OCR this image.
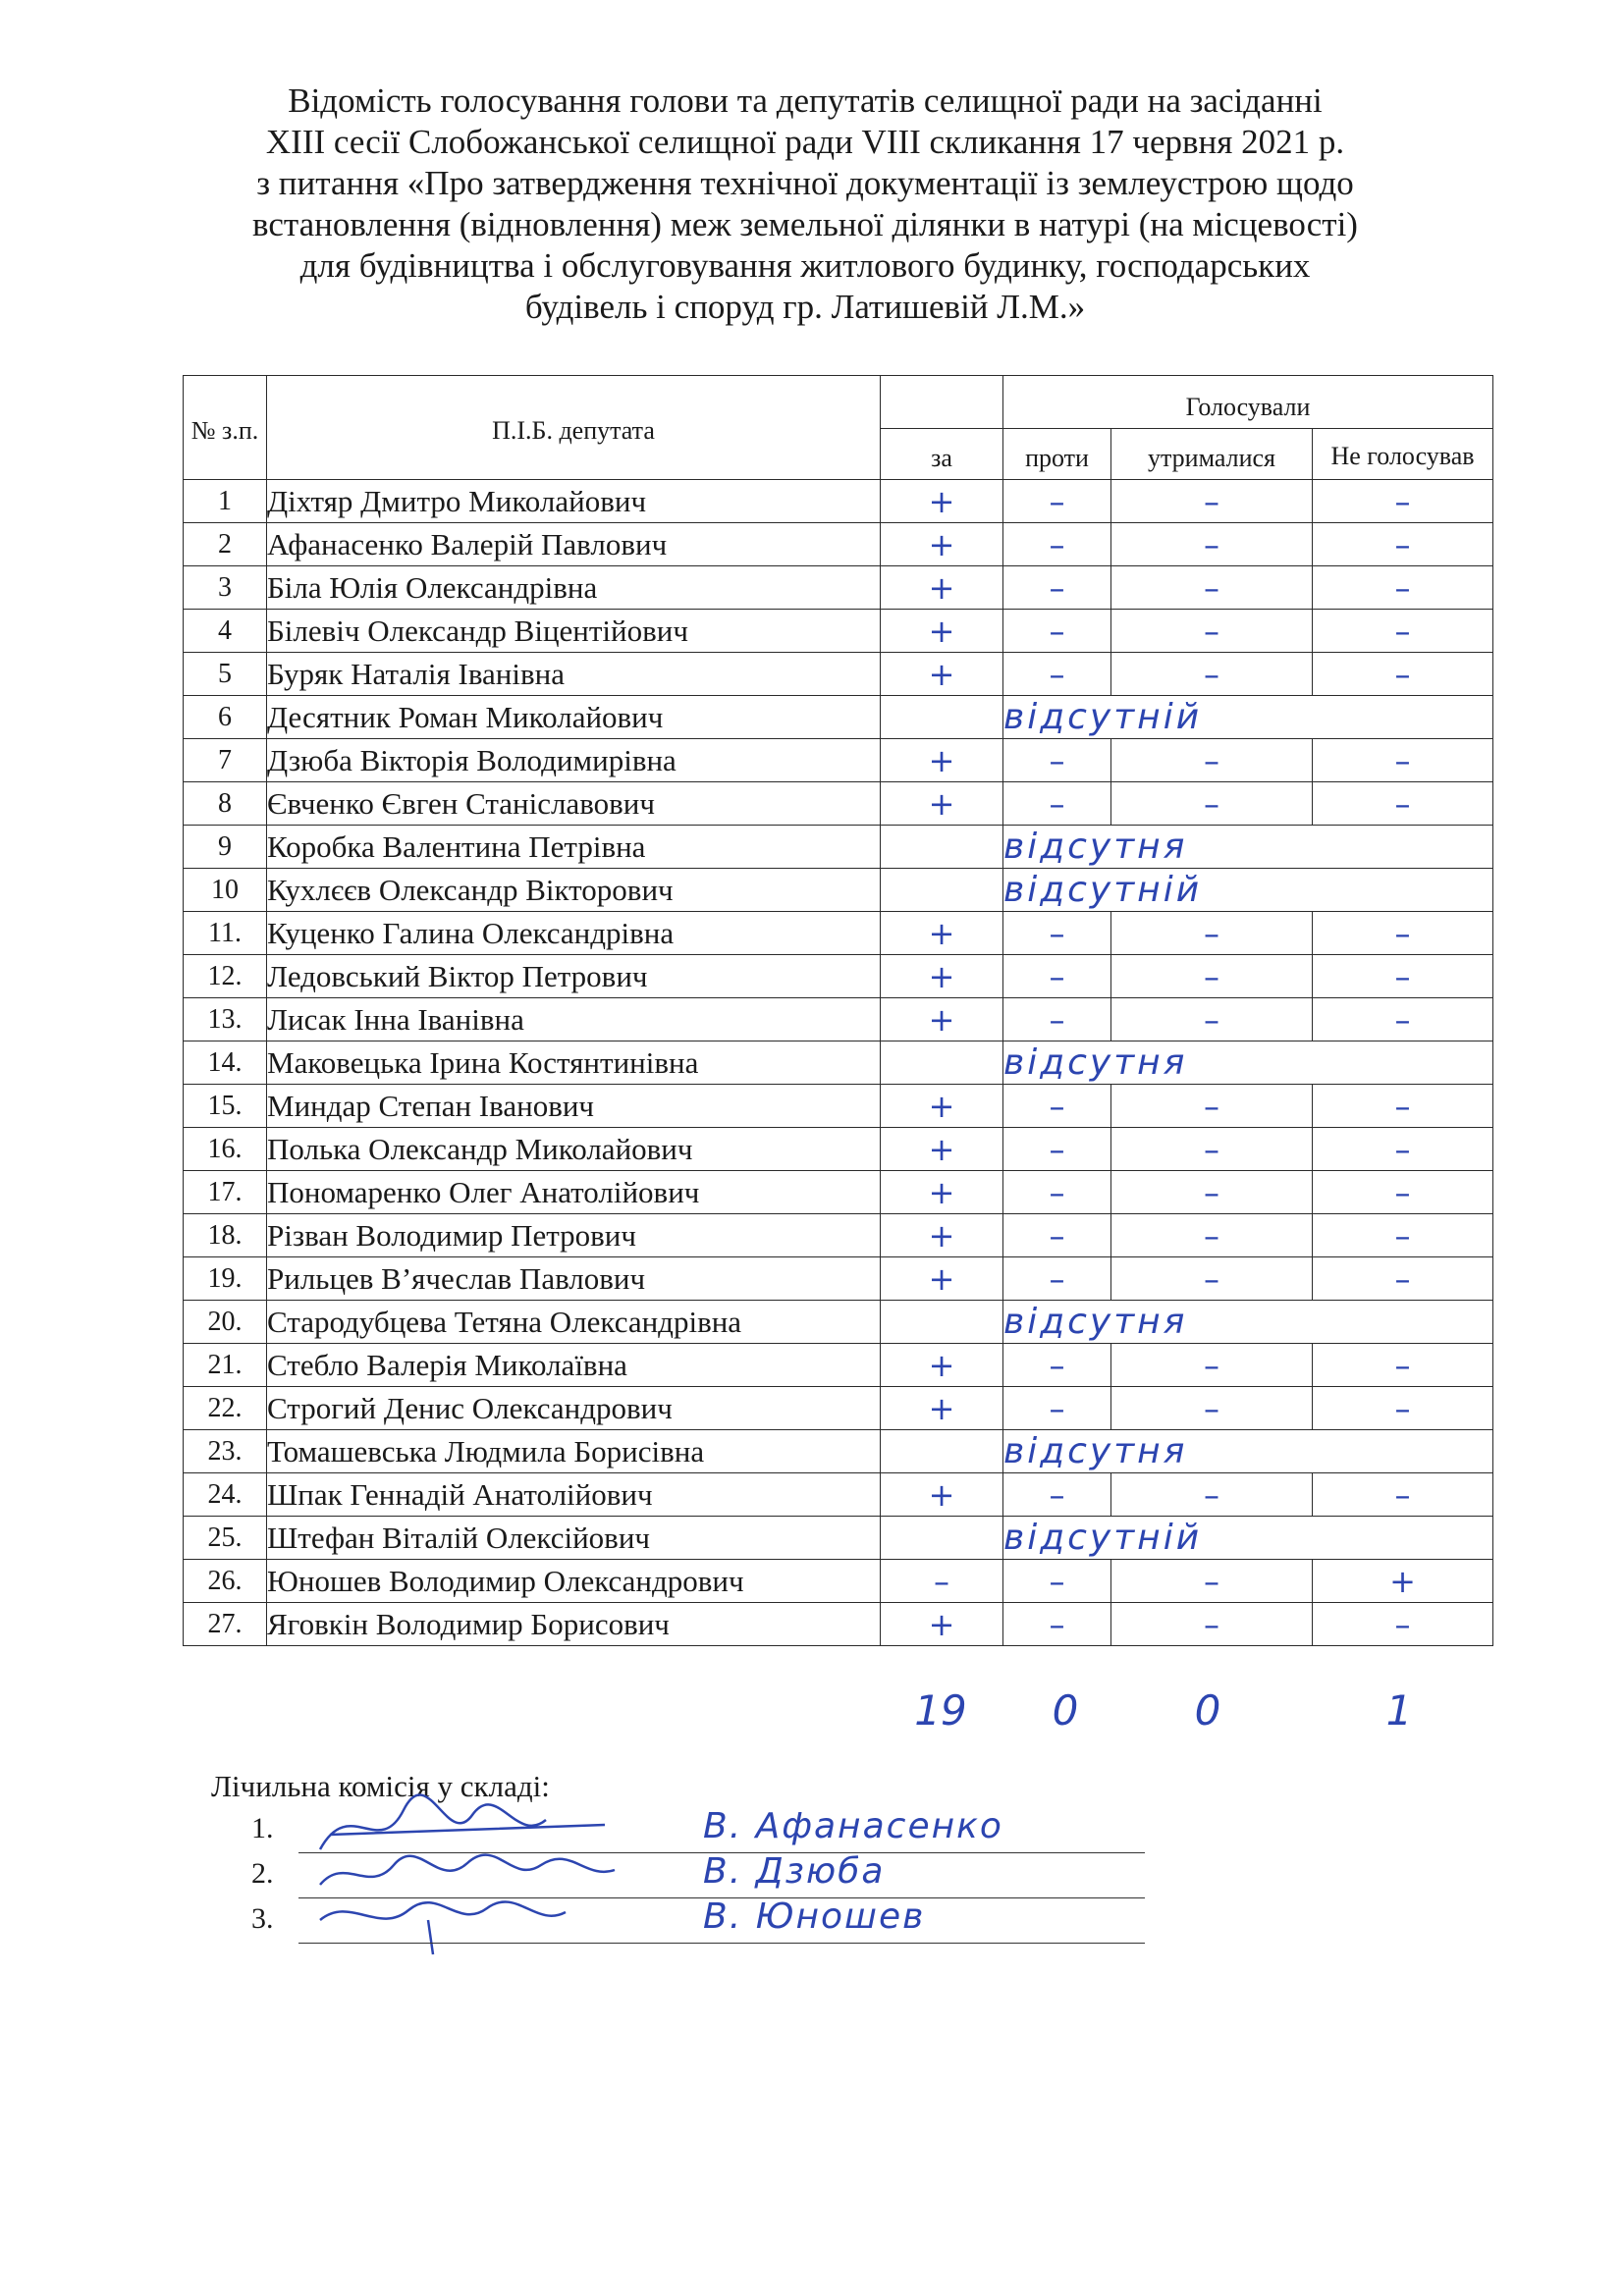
Відомість голосування голови та депутатів селищної ради на засіданні
XIII сесії Слобожанської селищної ради VIII скликання 17 червня 2021 р.
з питання «Про затвердження технічної документації із землеустрою щодо
встановлення (відновлення) меж земельної ділянки в натурі (на місцевості)
для будівництва і обслуговування житлового будинку, господарських
будівель і споруд гр. Латишевій Л.М.»
№ з.п.	П.І.Б. депутата		Голосували		
		за	проти	утрималися	Не голосував
1	Діхтяр Дмитро Миколайович	+	–	–	–
2	Афанасенко Валерій Павлович	+	–	–	–
3	Біла Юлія Олександрівна	+	–	–	–
4	Білевіч Олександр Віцентійович	+	–	–	–
5	Буряк Наталія Іванівна	+	–	–	–
6	Десятник Роман Миколайович		відсутній		
7	Дзюба Вікторія Володимирівна	+	–	–	–
8	Євченко Євген Станіславович	+	–	–	–
9	Коробка Валентина Петрівна		відсутня		
10	Кухлєєв Олександр Вікторович		відсутній		
11.	Куценко Галина Олександрівна	+	–	–	–
12.	Ледовський Віктор Петрович	+	–	–	–
13.	Лисак Інна Іванівна	+	–	–	–
14.	Маковецька Ірина Костянтинівна		відсутня		
15.	Миндар Степан Іванович	+	–	–	–
16.	Полька Олександр Миколайович	+	–	–	–
17.	Пономаренко Олег Анатолійович	+	–	–	–
18.	Різван Володимир Петрович	+	–	–	–
19.	Рильцев В’ячеслав Павлович	+	–	–	–
20.	Стародубцева Тетяна Олександрівна		відсутня		
21.	Стебло Валерія Миколаївна	+	–	–	–
22.	Строгий Денис Олександрович	+	–	–	–
23.	Томашевська Людмила Борисівна		відсутня		
24.	Шпак Геннадій Анатолійович	+	–	–	–
25.	Штефан Віталій Олексійович		відсутній		
26.	Юношев Володимир Олександрович	–	–	–	+
27.	Яговкін Володимир Борисович	+	–	–	–
19 0	0	1
Лічильна комісія у складі:
1.	В. Афанасенко
2.	В. Дзюба
3.	В. Юношев
